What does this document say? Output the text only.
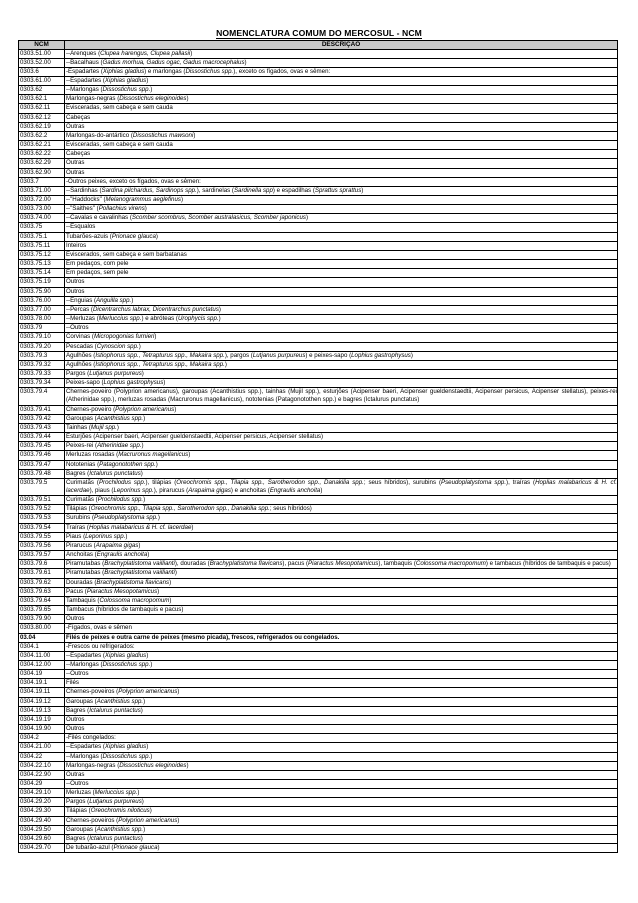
NOMENCLATURA COMUM DO MERCOSUL - NCM
NCM	DESCRIÇÃO
0303.51.00	--Arenques (Clupea harengus, Clupea pallasii)
0303.52.00	--Bacalhaus (Gadus morhua, Gadus ogac, Gadus macrocephalus)
0303.6	-Espadartes (Xiphias gladius) e marlongas (Dissostichus spp.), exceto os fígados, ovas e sêmen:
0303.61.00	--Espadartes (Xiphias gladius)
0303.62	--Marlongas (Dissostichus spp.)
0303.62.1	Marlongas-negras (Dissostichus eleginoides)
0303.62.11	Evisceradas, sem cabeça e sem cauda
0303.62.12	Cabeças
0303.62.19	Outras
0303.62.2	Marlongas-do-antártico (Dissostichus mawsoni)
0303.62.21	Evisceradas, sem cabeça e sem cauda
0303.62.22	Cabeças
0303.62.29	Outras
0303.62.90	Outras
0303.7	-Outros peixes, exceto os fígados, ovas e sêmen:
0303.71.00	--Sardinhas (Sardina pilchardus, Sardinops spp.), sardinelas (Sardinella spp) e espadilhas (Sprattus sprattus)
0303.72.00	--"Haddocks" (Melanogrammus aeglefinus)
0303.73.00	--"Saithes" (Pollachius virens)
0303.74.00	--Cavalas e cavalinhas (Scomber scombrus, Scomber australasicus, Scomber japonicus)
0303.75	--Esqualos
0303.75.1	Tubarões-azuis (Prionace glauca)
0303.75.11	Inteiros
0303.75.12	Eviscerados, sem cabeça e sem barbatanas
0303.75.13	Em pedaços, com pele
0303.75.14	Em pedaços, sem pele
0303.75.19	Outros
0303.75.90	Outros
0303.76.00	--Enguias (Anguilla spp.)
0303.77.00	--Percas (Dicentrarchus labrax, Dicentrarchus punctatus)
0303.78.00	--Merluzas (Merluccius spp.) e abróteas (Urophycis spp.)
0303.79	--Outros
0303.79.10	Corvinas (Micropogonias furnieri)
0303.79.20	Pescadas (Cynoscion spp.)
0303.79.3	Agulhões (Istiophorus spp., Tetrapturus spp., Makaira spp.), pargos (Lutjanus purpureus) e peixes-sapo (Lophius gastrophysus)
0303.79.32	Agulhões (Istiophorus spp., Tetrapturus spp., Makaira spp.)
0303.79.33	Pargos (Lutjanus purpureus)
0303.79.34	Peixes-sapo (Lophius gastrophysus)
0303.79.4	Chernes-poveiro (Polyprion americanus), garoupas (Acanthistius spp.), tainhas (Mujil spp.), esturjões (Acipenser baeri, Acipenser gueldenstaedtii, Acipenser persicus, Acipenser stellatus), peixes-rei (Atherinidae spp.), merluzas rosadas (Macruronus magellanicus), nototenias (Patagonotothen spp.) e bagres (Ictalurus punctatus)
0303.79.41	Chernes-poveiro (Polyprion americanus)
0303.79.42	Garoupas (Acanthistius spp.)
0303.79.43	Tainhas (Mujil spp.)
0303.79.44	Esturjões (Acipenser baeri, Acipenser gueldenstaedtii, Acipenser persicus, Acipenser stellatus)
0303.79.45	Peixes-rei (Atherinidae spp.)
0303.79.46	Merluzas rosadas (Macruronus magellanicus)
0303.79.47	Nototenias (Patagonotothen spp.)
0303.79.48	Bagres (Ictalurus punctatus)
0303.79.5	Curimatãs (Prochilodus spp.), tilápias (Oreochromis spp., Tilapia spp., Sarotherodon spp., Danakilia spp.; seus híbridos), surubins (Pseudoplatystoma spp.), traíras (Hoplias malabaricus & H. cf. lacerdae), piaus (Leporinus spp.), pirarucus (Arapaima gigas) e anchoitas (Engraulis anchoita)
0303.79.51	Curimatãs (Prochilodus spp.)
0303.79.52	Tilápias (Oreochromis spp., Tilapia spp., Sarotherodon spp., Danakilia spp.; seus híbridos)
0303.79.53	Surubins (Pseudoplatystoma spp.)
0303.79.54	Traíras (Hoplias malabaricus & H. cf. lacerdae)
0303.79.55	Piaus (Leporinus spp.)
0303.79.56	Pirarucus (Arapaima gigas)
0303.79.57	Anchoitas (Engraulis anchoita)
0303.79.6	Piramutabas (Brachyplatistoma vaillianti), douradas (Brachyplatistoma flavicans), pacus (Piaractus Mesopotamicus), tambaquis (Colossoma macropomum) e tambacus (híbridos de tambaquis e pacus)
0303.79.61	Piramutabas (Brachyplatistoma vaillianti)
0303.79.62	Douradas (Brachyplatistoma flavicans)
0303.79.63	Pacus (Piaractus Mesopotamicus)
0303.79.64	Tambaquis (Colossoma macropomum)
0303.79.65	Tambacus (híbridos de tambaquis e pacus)
0303.79.90	Outros
0303.80.00	-Fígados, ovas e sêmen
03.04	Filés de peixes e outra carne de peixes (mesmo picada), frescos, refrigerados ou congelados.
0304.1	-Frescos ou refrigerados:
0304.11.00	--Espadartes (Xiphias gladius)
0304.12.00	--Marlongas (Dissostichus spp.)
0304.19	--Outros
0304.19.1	Filés
0304.19.11	Chernes-poveiros (Polyprion americanus)
0304.19.12	Garoupas (Acanthistius spp.)
0304.19.13	Bagres (Ictalurus puntactus)
0304.19.19	Outros
0304.19.90	Outros
0304.2	-Filés congelados:
0304.21.00	--Espadartes (Xiphias gladius)
0304.22	--Marlongas (Dissostichus spp.)
0304.22.10	Marlongas-negras (Dissostichus eleginoides)
0304.22.90	Outras
0304.29	--Outros
0304.29.10	Merluzas (Merluccius spp.)
0304.29.20	Pargos (Lutjanus purpureus)
0304.29.30	Tilápias (Oreochromis niloticus)
0304.29.40	Chernes-poveiros (Polyprion americanus)
0304.29.50	Garoupas (Acanthistius spp.)
0304.29.60	Bagres (Ictalurus puntactus)
0304.29.70	De tubarão-azul (Prionace glauca)
